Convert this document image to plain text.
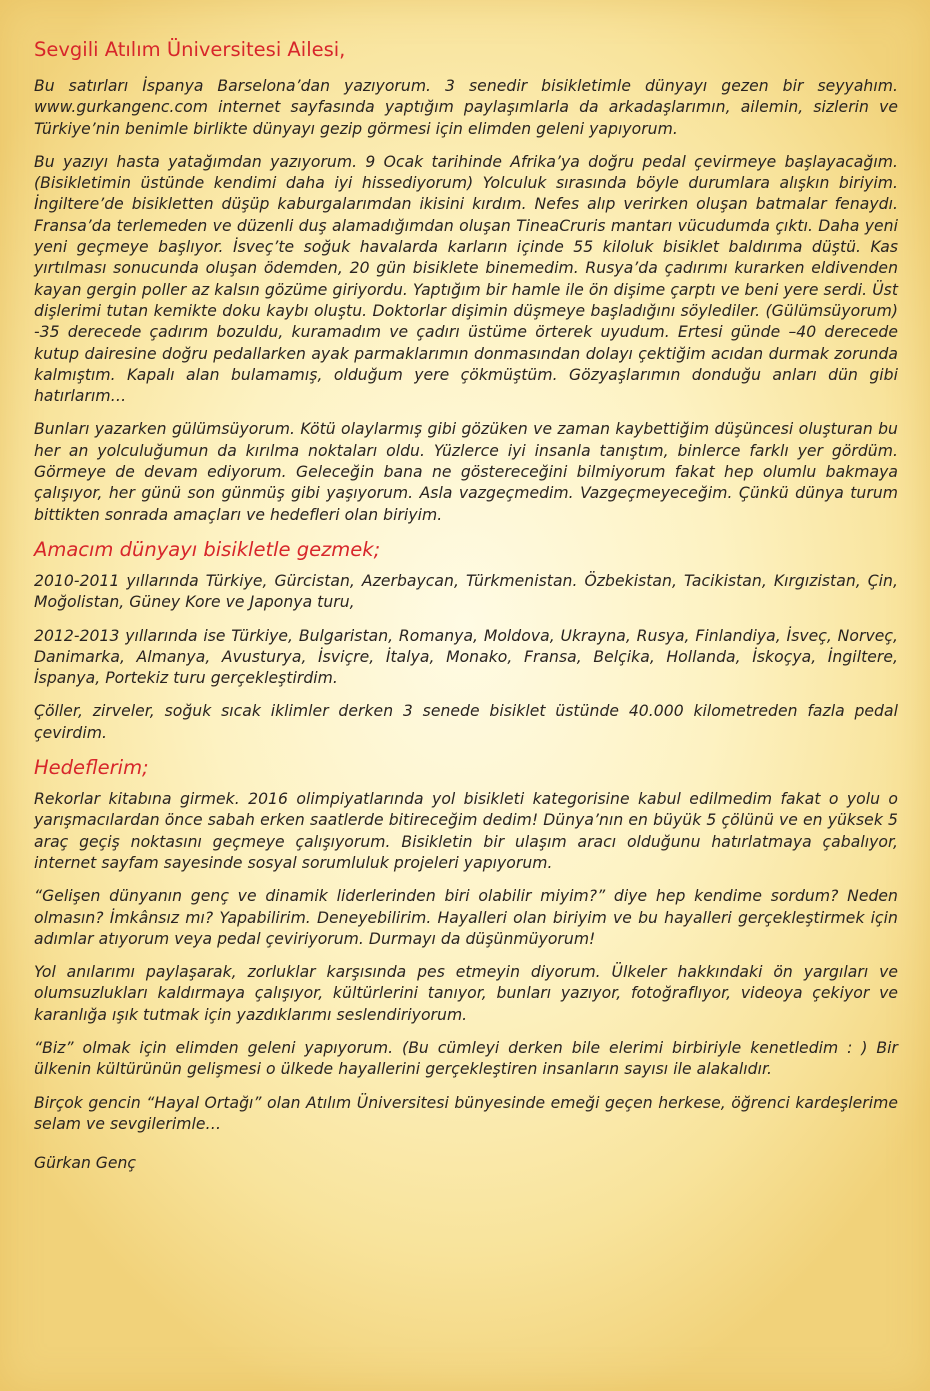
Sevgili Atılım Üniversitesi Ailesi,

Bu satırları İspanya Barselona’dan yazıyorum. 3 senedir bisikletimle dünyayı gezen bir seyyahım. www.gurkangenc.com internet sayfasında yaptığım paylaşımlarla da arkadaşlarımın, ailemin, sizlerin ve Türkiye’nin benimle birlikte dünyayı gezip görmesi için elimden geleni yapıyorum.

Bu yazıyı hasta yatağımdan yazıyorum. 9 Ocak tarihinde Afrika’ya doğru pedal çevirmeye başlayacağım. (Bisikletimin üstünde kendimi daha iyi hissediyorum) Yolculuk sırasında böyle durumlara alışkın biriyim. İngiltere’de bisikletten düşüp kaburgalarımdan ikisini kırdım. Nefes alıp verirken oluşan batmalar fenaydı. Fransa’da terlemeden ve düzenli duş alamadığımdan oluşan TineaCruris mantarı vücudumda çıktı. Daha yeni yeni geçmeye başlıyor. İsveç’te soğuk havalarda karların içinde 55 kiloluk bisiklet baldırıma düştü. Kas yırtılması sonucunda oluşan ödemden, 20 gün bisiklete binemedim. Rusya’da çadırımı kurarken eldivenden kayan gergin poller az kalsın gözüme giriyordu. Yaptığım bir hamle ile ön dişime çarptı ve beni yere serdi. Üst dişlerimi tutan kemikte doku kaybı oluştu. Doktorlar dişimin düşmeye başladığını söylediler. (Gülümsüyorum) -35 derecede çadırım bozuldu, kuramadım ve çadırı üstüme örterek uyudum. Ertesi günde –40 derecede kutup dairesine doğru pedallarken ayak parmaklarımın donmasından dolayı çektiğim acıdan durmak zorunda kalmıştım. Kapalı alan bulamamış, olduğum yere çökmüştüm. Gözyaşlarımın donduğu anları dün gibi hatırlarım…

Bunları yazarken gülümsüyorum. Kötü olaylarmış gibi gözüken ve zaman kaybettiğim düşüncesi oluşturan bu her an yolculuğumun da kırılma noktaları oldu. Yüzlerce iyi insanla tanıştım, binlerce farklı yer gördüm. Görmeye de devam ediyorum. Geleceğin bana ne göstereceğini bilmiyorum fakat hep olumlu bakmaya çalışıyor, her günü son günmüş gibi yaşıyorum. Asla vazgeçmedim. Vazgeçmeyeceğim. Çünkü dünya turum bittikten sonrada amaçları ve hedefleri olan biriyim.

Amacım dünyayı bisikletle gezmek;

2010-2011 yıllarında Türkiye, Gürcistan, Azerbaycan, Türkmenistan. Özbekistan, Tacikistan, Kırgızistan, Çin, Moğolistan, Güney Kore ve Japonya turu,

2012-2013 yıllarında ise Türkiye, Bulgaristan, Romanya, Moldova, Ukrayna, Rusya, Finlandiya, İsveç, Norveç, Danimarka, Almanya, Avusturya, İsviçre, İtalya, Monako, Fransa, Belçika, Hollanda, İskoçya, İngiltere, İspanya, Portekiz turu gerçekleştirdim.

Çöller, zirveler, soğuk sıcak iklimler derken 3 senede bisiklet üstünde 40.000 kilometreden fazla pedal çevirdim.

Hedeflerim;

Rekorlar kitabına girmek. 2016 olimpiyatlarında yol bisikleti kategorisine kabul edilmedim fakat o yolu o yarışmacılardan önce sabah erken saatlerde bitireceğim dedim! Dünya’nın en büyük 5 çölünü ve en yüksek 5 araç geçiş noktasını geçmeye çalışıyorum. Bisikletin bir ulaşım aracı olduğunu hatırlatmaya çabalıyor, internet sayfam sayesinde sosyal sorumluluk projeleri yapıyorum.

“Gelişen dünyanın genç ve dinamik liderlerinden biri olabilir miyim?” diye hep kendime sordum? Neden olmasın? İmkânsız mı? Yapabilirim. Deneyebilirim. Hayalleri olan biriyim ve bu hayalleri gerçekleştirmek için adımlar atıyorum veya pedal çeviriyorum. Durmayı da düşünmüyorum!

Yol anılarımı paylaşarak, zorluklar karşısında pes etmeyin diyorum. Ülkeler hakkındaki ön yargıları ve olumsuzlukları kaldırmaya çalışıyor, kültürlerini tanıyor, bunları yazıyor, fotoğraflıyor, videoya çekiyor ve karanlığa ışık tutmak için yazdıklarımı seslendiriyorum.

“Biz” olmak için elimden geleni yapıyorum. (Bu cümleyi derken bile elerimi birbiriyle kenetledim : ) Bir ülkenin kültürünün gelişmesi o ülkede hayallerini gerçekleştiren insanların sayısı ile alakalıdır.

Birçok gencin “Hayal Ortağı” olan Atılım Üniversitesi bünyesinde emeği geçen herkese, öğrenci kardeşlerime selam ve sevgilerimle…

Gürkan Genç
